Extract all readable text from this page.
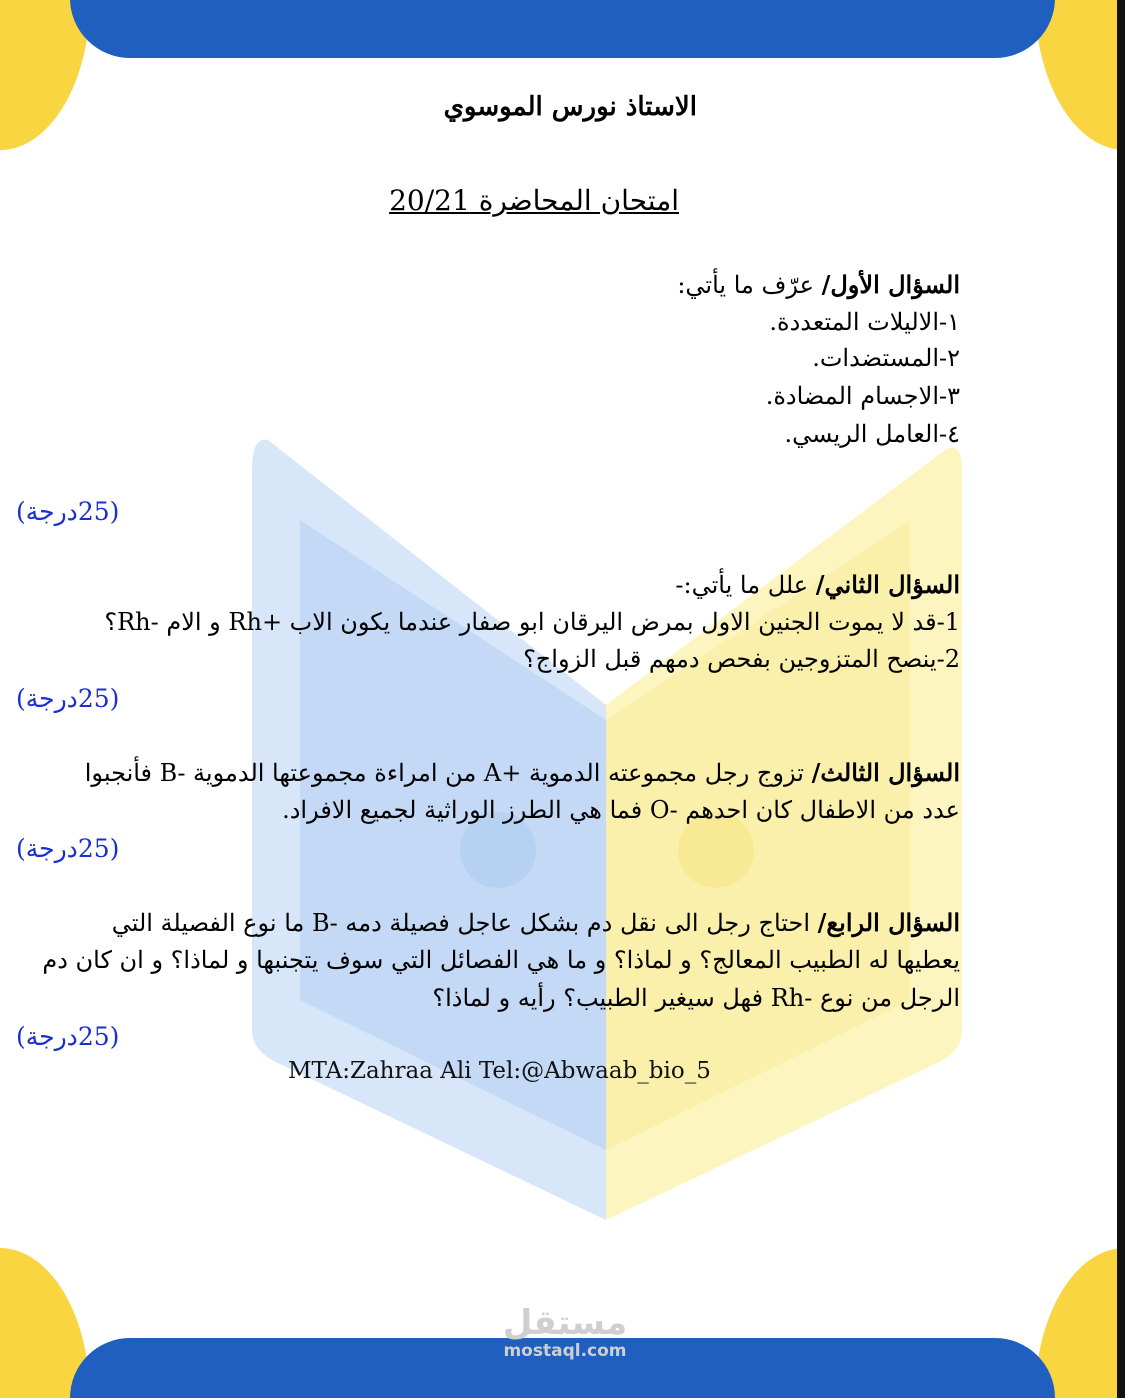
الاستاذ نورس الموسوي
امتحان المحاضرة 20/21
السؤال الأول/ عرّف ما يأتي:
١-الاليلات المتعددة.
٢-المستضدات.
٣-الاجسام المضادة.
٤-العامل الريسي.
(25درجة)
السؤال الثاني/ علل ما يأتي:-
1-قد لا يموت الجنين الاول بمرض اليرقان ابو صفار عندما يكون الاب +Rh و الام -Rh؟
2-ينصح المتزوجين بفحص دمهم قبل الزواج؟
(25درجة)
السؤال الثالث/ تزوج رجل مجموعته الدموية +A من امراءة مجموعتها الدموية -B فأنجبوا
عدد من الاطفال كان احدهم -O فما هي الطرز الوراثية لجميع الافراد.
(25درجة)
السؤال الرابع/ احتاج رجل الى نقل دم بشكل عاجل فصيلة دمه -B ما نوع الفصيلة التي
يعطيها له الطبيب المعالج؟ و لماذا؟ و ما هي الفصائل التي سوف يتجنبها و لماذا؟ و ان كان دم
الرجل من نوع -Rh فهل سيغير الطبيب؟ رأيه و لماذا؟
(25درجة)
MTA:Zahraa Ali Tel:@Abwaab_bio_5
مستقل
mostaql.com
